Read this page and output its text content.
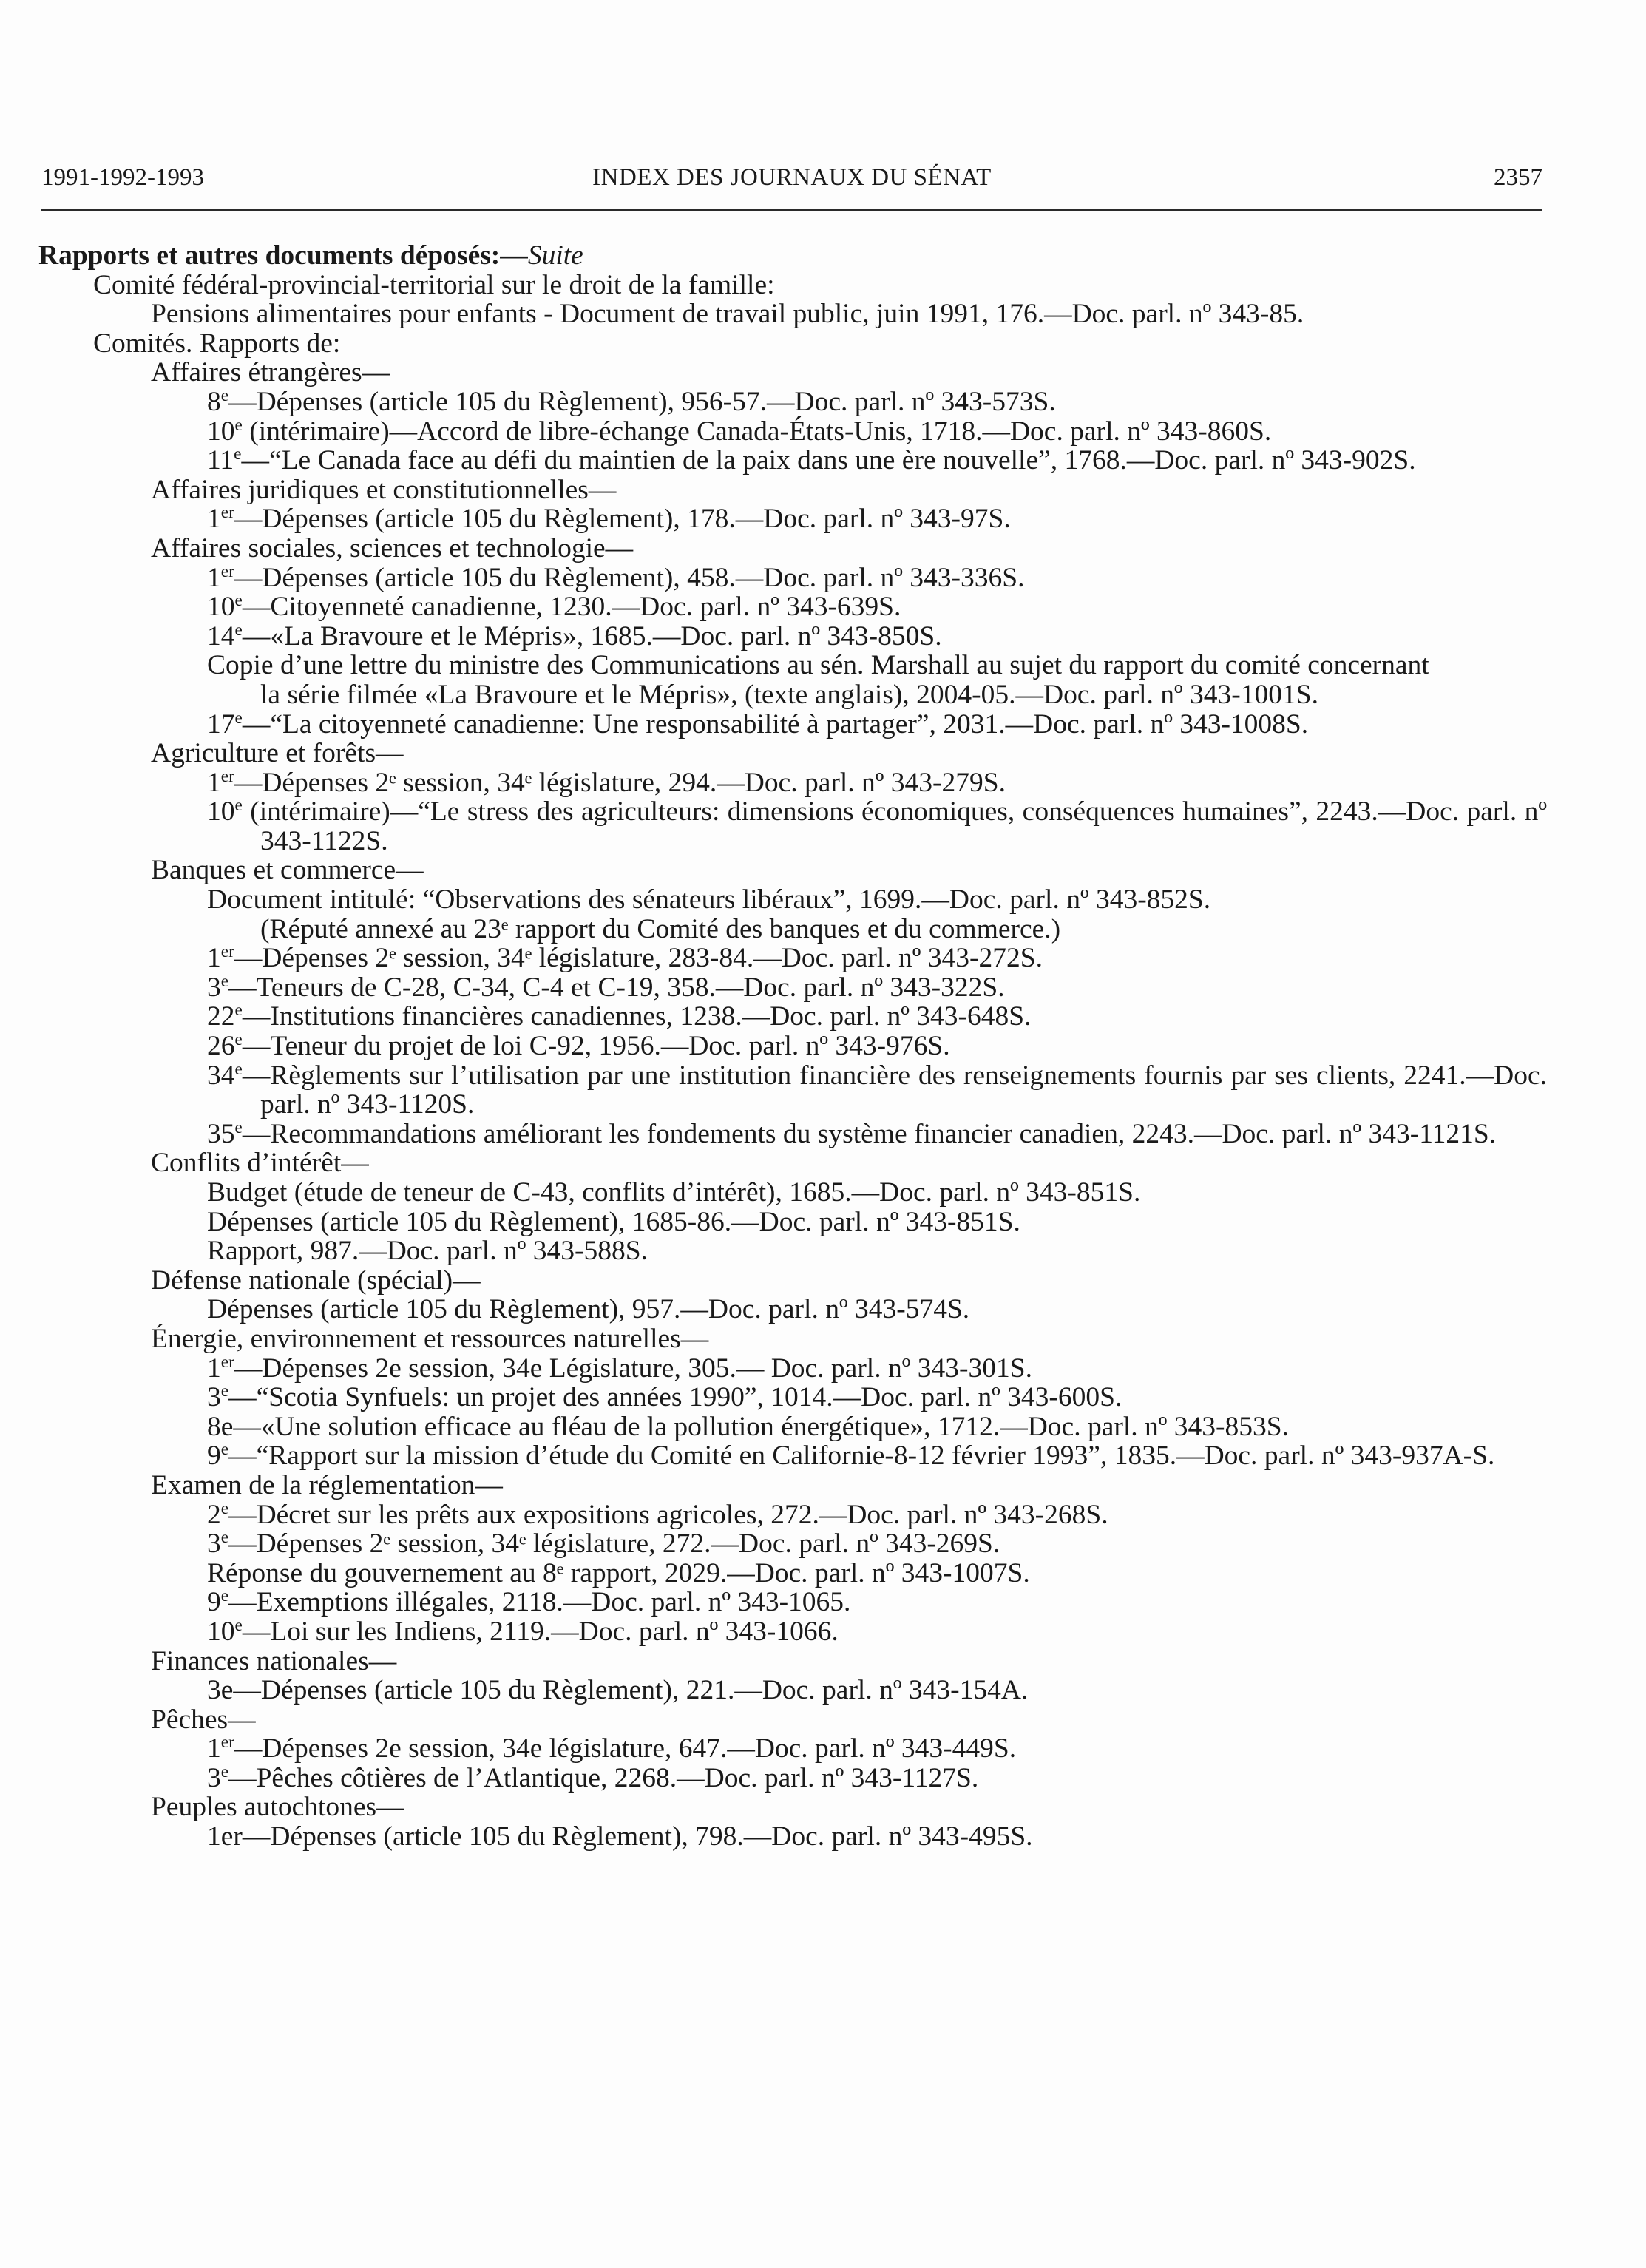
1991-1992-1993	INDEX DES JOURNAUX DU SÉNAT	2357
Rapports et autres documents déposés:—Suite
Comité fédéral-provincial-territorial sur le droit de la famille:
Pensions alimentaires pour enfants - Document de travail public, juin 1991, 176.—Doc. parl. nº 343-85.
Comités. Rapports de:
Affaires étrangères—
8e—Dépenses (article 105 du Règlement), 956-57.—Doc. parl. nº 343-573S.
10e (intérimaire)—Accord de libre-échange Canada-États-Unis, 1718.—Doc. parl. nº 343-860S.
11e—“Le Canada face au défi du maintien de la paix dans une ère nouvelle”, 1768.—Doc. parl. nº 343-902S.
Affaires juridiques et constitutionnelles—
1er—Dépenses (article 105 du Règlement), 178.—Doc. parl. nº 343-97S.
Affaires sociales, sciences et technologie—
1er—Dépenses (article 105 du Règlement), 458.—Doc. parl. nº 343-336S.
10e—Citoyenneté canadienne, 1230.—Doc. parl. nº 343-639S.
14e—«La Bravoure et le Mépris», 1685.—Doc. parl. nº 343-850S.
Copie d’une lettre du ministre des Communications au sén. Marshall au sujet du rapport du comité concernant
la série filmée «La Bravoure et le Mépris», (texte anglais), 2004-05.—Doc. parl. nº 343-1001S.
17e—“La citoyenneté canadienne: Une responsabilité à partager”, 2031.—Doc. parl. nº 343-1008S.
Agriculture et forêts—
1er—Dépenses 2ᵉ session, 34ᵉ législature, 294.—Doc. parl. nº 343-279S.
10e (intérimaire)—“Le stress des agriculteurs: dimensions économiques, conséquences humaines”, 2243.—Doc. parl. nº 343-1122S.
Banques et commerce—
Document intitulé: “Observations des sénateurs libéraux”, 1699.—Doc. parl. nº 343-852S.
(Réputé annexé au 23ᵉ rapport du Comité des banques et du commerce.)
1er—Dépenses 2ᵉ session, 34ᵉ législature, 283-84.—Doc. parl. nº 343-272S.
3e—Teneurs de C-28, C-34, C-4 et C-19, 358.—Doc. parl. nº 343-322S.
22e—Institutions financières canadiennes, 1238.—Doc. parl. nº 343-648S.
26e—Teneur du projet de loi C-92, 1956.—Doc. parl. nº 343-976S.
34e—Règlements sur l’utilisation par une institution financière des renseignements fournis par ses clients, 2241.—Doc. parl. nº 343-1120S.
35e—Recommandations améliorant les fondements du système financier canadien, 2243.—Doc. parl. nº 343-1121S.
Conflits d’intérêt—
Budget (étude de teneur de C-43, conflits d’intérêt), 1685.—Doc. parl. nº 343-851S.
Dépenses (article 105 du Règlement), 1685-86.—Doc. parl. nº 343-851S.
Rapport, 987.—Doc. parl. nº 343-588S.
Défense nationale (spécial)—
Dépenses (article 105 du Règlement), 957.—Doc. parl. nº 343-574S.
Énergie, environnement et ressources naturelles—
1er—Dépenses 2e session, 34e Législature, 305.— Doc. parl. nº 343-301S.
3e—“Scotia Synfuels: un projet des années 1990”, 1014.—Doc. parl. nº 343-600S.
8e—«Une solution efficace au fléau de la pollution énergétique», 1712.—Doc. parl. nº 343-853S.
9e—“Rapport sur la mission d’étude du Comité en Californie-8-12 février 1993”, 1835.—Doc. parl. nº 343-937A-S.
Examen de la réglementation—
2e—Décret sur les prêts aux expositions agricoles, 272.—Doc. parl. nº 343-268S.
3e—Dépenses 2ᵉ session, 34ᵉ législature, 272.—Doc. parl. nº 343-269S.
Réponse du gouvernement au 8ᵉ rapport, 2029.—Doc. parl. nº 343-1007S.
9e—Exemptions illégales, 2118.—Doc. parl. nº 343-1065.
10e—Loi sur les Indiens, 2119.—Doc. parl. nº 343-1066.
Finances nationales—
3e—Dépenses (article 105 du Règlement), 221.—Doc. parl. nº 343-154A.
Pêches—
1er—Dépenses 2e session, 34e législature, 647.—Doc. parl. nº 343-449S.
3e—Pêches côtières de l’Atlantique, 2268.—Doc. parl. nº 343-1127S.
Peuples autochtones—
1er—Dépenses (article 105 du Règlement), 798.—Doc. parl. nº 343-495S.
